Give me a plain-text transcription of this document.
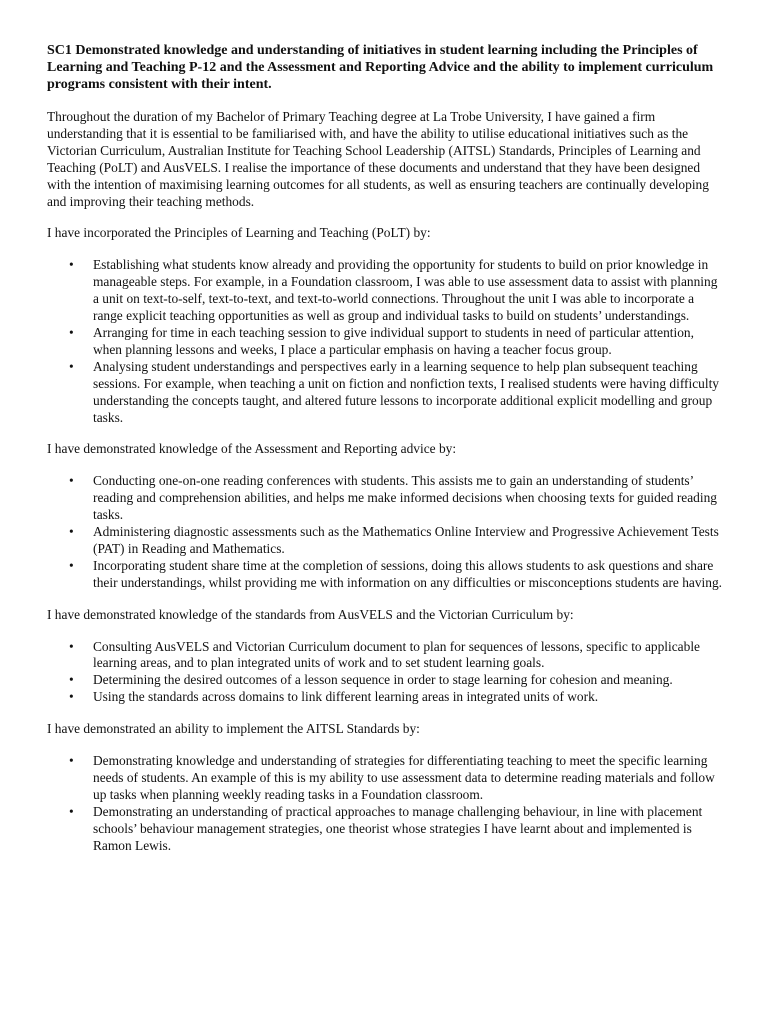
SC1 Demonstrated knowledge and understanding of initiatives in student learning including the Principles of Learning and Teaching P-12 and the Assessment and Reporting Advice and the ability to implement curriculum programs consistent with their intent.

Throughout the duration of my Bachelor of Primary Teaching degree at La Trobe University, I have gained a firm understanding that it is essential to be familiarised with, and have the ability to utilise educational initiatives such as the Victorian Curriculum, Australian Institute for Teaching School Leadership (AITSL) Standards, Principles of Learning and Teaching (PoLT) and AusVELS. I realise the importance of these documents and understand that they have been designed with the intention of maximising learning outcomes for all students, as well as ensuring teachers are continually developing and improving their teaching methods.

I have incorporated the Principles of Learning and Teaching (PoLT) by:

• Establishing what students know already and providing the opportunity for students to build on prior knowledge in manageable steps. For example, in a Foundation classroom, I was able to use assessment data to assist with planning a unit on text-to-self, text-to-text, and text-to-world connections. Throughout the unit I was able to incorporate a range explicit teaching opportunities as well as group and individual tasks to build on students’ understandings.
• Arranging for time in each teaching session to give individual support to students in need of particular attention, when planning lessons and weeks, I place a particular emphasis on having a teacher focus group.
• Analysing student understandings and perspectives early in a learning sequence to help plan subsequent teaching sessions. For example, when teaching a unit on fiction and nonfiction texts, I realised students were having difficulty understanding the concepts taught, and altered future lessons to incorporate additional explicit modelling and group tasks.

I have demonstrated knowledge of the Assessment and Reporting advice by:

• Conducting one-on-one reading conferences with students. This assists me to gain an understanding of students’ reading and comprehension abilities, and helps me make informed decisions when choosing texts for guided reading tasks.
• Administering diagnostic assessments such as the Mathematics Online Interview and Progressive Achievement Tests (PAT) in Reading and Mathematics.
• Incorporating student share time at the completion of sessions, doing this allows students to ask questions and share their understandings, whilst providing me with information on any difficulties or misconceptions students are having.

I have demonstrated knowledge of the standards from AusVELS and the Victorian Curriculum by:

• Consulting AusVELS and Victorian Curriculum document to plan for sequences of lessons, specific to applicable learning areas, and to plan integrated units of work and to set student learning goals.
• Determining the desired outcomes of a lesson sequence in order to stage learning for cohesion and meaning.
• Using the standards across domains to link different learning areas in integrated units of work.

I have demonstrated an ability to implement the AITSL Standards by:

• Demonstrating knowledge and understanding of strategies for differentiating teaching to meet the specific learning needs of students. An example of this is my ability to use assessment data to determine reading materials and follow up tasks when planning weekly reading tasks in a Foundation classroom.
• Demonstrating an understanding of practical approaches to manage challenging behaviour, in line with placement schools’ behaviour management strategies, one theorist whose strategies I have learnt about and implemented is Ramon Lewis.
